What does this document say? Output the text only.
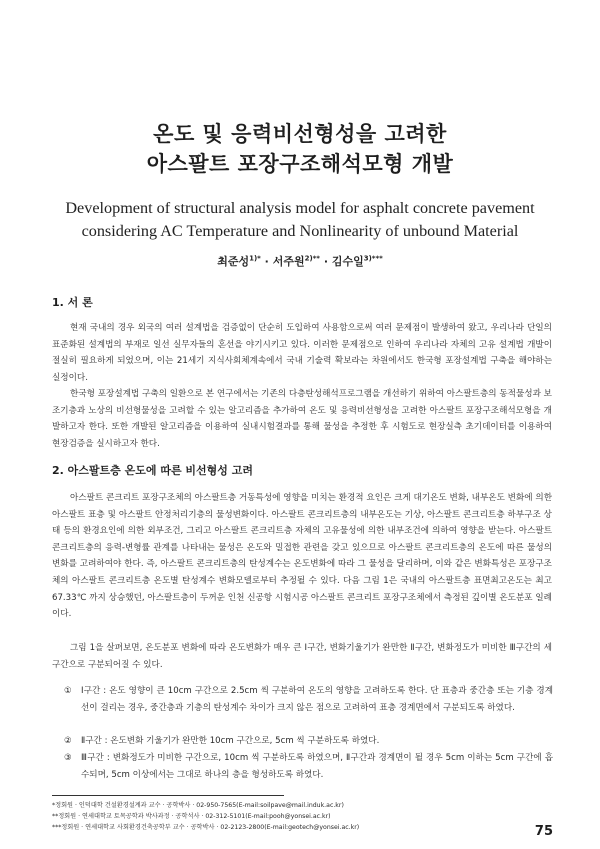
온도 및 응력비선형성을 고려한
아스팔트 포장구조해석모형 개발
Development of structural analysis model for asphalt concrete pavement
considering AC Temperature and Nonlinearity of unbound Material
최준성$^{1)*}$ · 서주원$^{2)**}$ · 김수일$^{3)***}$
1. 서 론

현재 국내의 경우 외국의 여러 설계법을 검증없이 단순히 도입하여 사용함으로써 여러 문제점이 발생하여 왔고, 우리나라 단일의 표준화된 설계법의 부재로 일선 실무자들의 혼선을 야기시키고 있다. 이러한 문제점으로 인하여 우리나라 자체의 고유 설계법 개발이 절실히 필요하게 되었으며, 이는 21세기 지식사회체계속에서 국내 기술력 확보라는 차원에서도 한국형 포장설계법 구축을 해야하는 실정이다.

한국형 포장설계법 구축의 일환으로 본 연구에서는 기존의 다층탄성해석프로그램을 개선하기 위하여 아스팔트층의 동적물성과 보조기층과 노상의 비선형물성을 고려할 수 있는 알고리즘을 추가하여 온도 및 응력비선형성을 고려한 아스팔트 포장구조해석모형을 개발하고자 한다. 또한 개발된 알고리즘을 이용하여 실내시험결과를 통해 물성을 추정한 후 시험도로 현장실측 초기데이터를 이용하여 현장검증을 실시하고자 한다.

2. 아스팔트층 온도에 따른 비선형성 고려

아스팔트 콘크리트 포장구조체의 아스팔트층 거동특성에 영향을 미치는 환경적 요인은 크게 대기온도 변화, 내부온도 변화에 의한 아스팔트 표층 및 아스팔트 안정처리기층의 물성변화이다. 아스팔트 콘크리트층의 내부온도는 기상, 아스팔트 콘크리트층 하부구조 상태 등의 환경요인에 의한 외부조건, 그리고 아스팔트 콘크리트층 자체의 고유물성에 의한 내부조건에 의하여 영향을 받는다. 아스팔트 콘크리트층의 응력-변형률 관계를 나타내는 물성은 온도와 밀접한 관련을 갖고 있으므로 아스팔트 콘크리트층의 온도에 따른 물성의 변화를 고려하여야 한다. 즉, 아스팔트 콘크리트층의 탄성계수는 온도변화에 따라 그 물성을 달리하며, 이와 같은 변화특성은 포장구조체의 아스팔트 콘크리트층 온도별 탄성계수 변화모델로부터 추정될 수 있다. 다음 그림 1은 국내의 아스팔트층 표면최고온도는 최고 67.33℃ 까지 상승했던, 아스팔트층이 두꺼운 인천 신공항 시험시공 아스팔트 콘크리트 포장구조체에서 측정된 깊이별 온도분포 일례이다.

그림 1을 살펴보면, 온도분포 변화에 따라 온도변화가 매우 큰 Ⅰ구간, 변화기울기가 완만한 Ⅱ구간, 변화정도가 미비한 Ⅲ구간의 세 구간으로 구분되어질 수 있다.

①	Ⅰ구간 : 온도 영향이 큰 10cm 구간으로 2.5cm 씩 구분하여 온도의 영향을 고려하도록 한다. 단 표층과 중간층 또는 기층 경계선이 걸리는 경우, 중간층과 기층의 탄성계수 차이가 크지 않은 점으로 고려하여 표층 경계면에서 구분되도록 하였다.
②	Ⅱ구간 : 온도변화 기울기가 완만한 10cm 구간으로, 5cm 씩 구분하도록 하였다.
③	Ⅲ구간 : 변화정도가 미비한 구간으로, 10cm 씩 구분하도록 하였으며, Ⅱ구간과 경계면이 될 경우 5cm 이하는 5cm 구간에 흡수되며, 5cm 이상에서는 그대로 하나의 층을 형성하도록 하였다.
*정회원 · 인덕대학 건설환경설계과 교수 · 공학박사 · 02-950-7565(E-mail:soilpave@mail.induk.ac.kr)
**정회원 · 연세대학교 토목공학과 박사과정 · 공학석사 · 02-312-5101(E-mail:pooh@yonsei.ac.kr)
***정회원 · 연세대학교 사회환경건축공학부 교수 · 공학박사 · 02-2123-2800(E-mail:geotech@yonsei.ac.kr)	75
